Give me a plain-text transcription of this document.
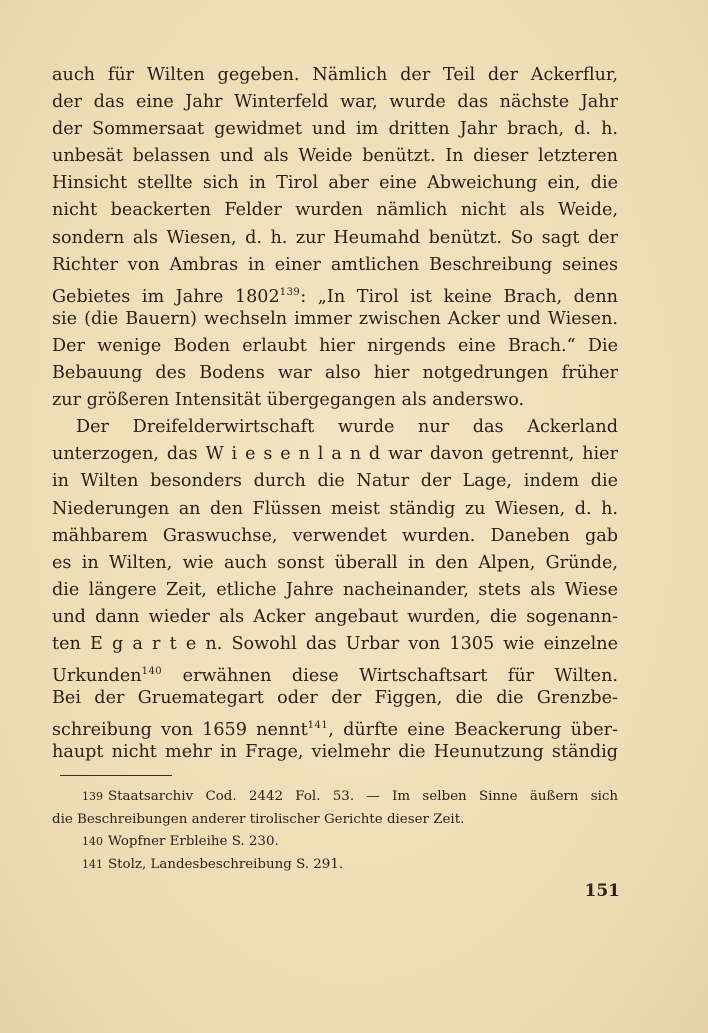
auch für Wilten gegeben. Nämlich der Teil der Ackerflur,
der das eine Jahr Winterfeld war, wurde das nächste Jahr
der Sommersaat gewidmet und im dritten Jahr brach, d. h.
unbesät belassen und als Weide benützt. In dieser letzteren
Hinsicht stellte sich in Tirol aber eine Abweichung ein, die
nicht beackerten Felder wurden nämlich nicht als Weide,
sondern als Wiesen, d. h. zur Heumahd benützt. So sagt der
Richter von Ambras in einer amtlichen Beschreibung seines
Gebietes im Jahre 1802$^{139}$: „In Tirol ist keine Brach, denn
sie (die Bauern) wechseln immer zwischen Acker und Wiesen.
Der wenige Boden erlaubt hier nirgends eine Brach.“ Die
Bebauung des Bodens war also hier notgedrungen früher
zur größeren Intensität übergegangen als anderswo.
Der Dreifelderwirtschaft wurde nur das Ackerland
unterzogen, das W i e s e n l a n d war davon getrennt, hier
in Wilten besonders durch die Natur der Lage, indem die
Niederungen an den Flüssen meist ständig zu Wiesen, d. h.
mähbarem Graswuchse, verwendet wurden. Daneben gab
es in Wilten, wie auch sonst überall in den Alpen, Gründe,
die längere Zeit, etliche Jahre nacheinander, stets als Wiese
und dann wieder als Acker angebaut wurden, die sogenann-
ten E g a r t e n. Sowohl das Urbar von 1305 wie einzelne
Urkunden$^{140}$ erwähnen diese Wirtschaftsart für Wilten.
Bei der Gruemategart oder der Figgen, die die Grenzbe-
schreibung von 1659 nennt$^{141}$, dürfte eine Beackerung über-
haupt nicht mehr in Frage, vielmehr die Heunutzung ständig
139 Staatsarchiv Cod. 2442 Fol. 53. — Im selben Sinne äußern sich
die Beschreibungen anderer tirolischer Gerichte dieser Zeit.
140 Wopfner Erbleihe S. 230.
141 Stolz, Landesbeschreibung S. 291.
151
